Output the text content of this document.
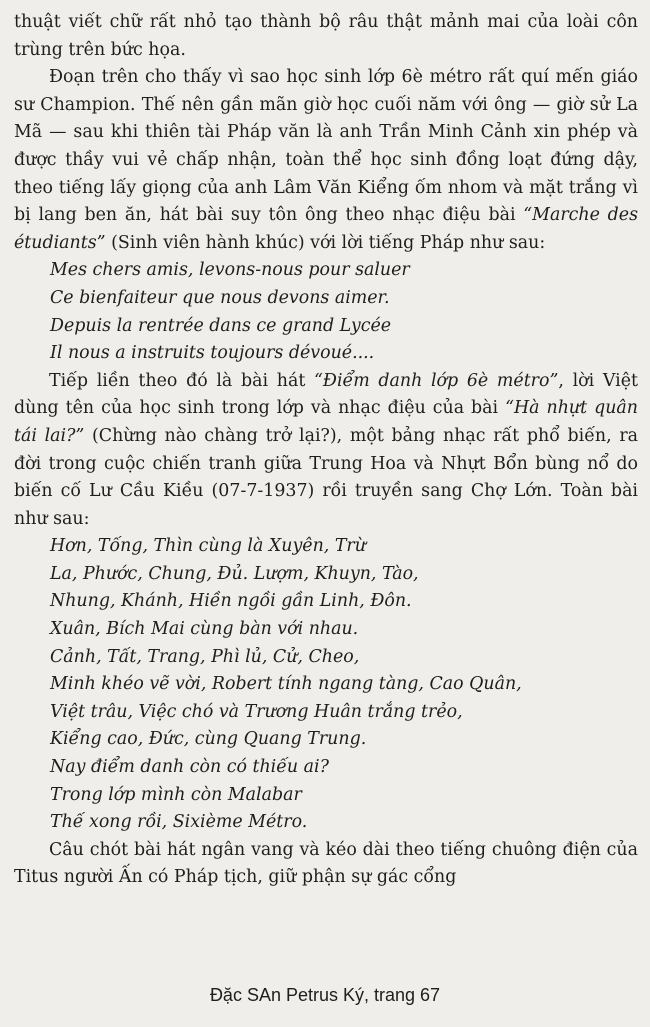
thuật viết chữ rất nhỏ tạo thành bộ râu thật mảnh mai của loài côn trùng trên bức họa.

Đoạn trên cho thấy vì sao học sinh lớp 6è métro rất quí mến giáo sư Champion. Thế nên gần mãn giờ học cuối năm với ông — giờ sử La Mã — sau khi thiên tài Pháp văn là anh Trần Minh Cảnh xin phép và được thầy vui vẻ chấp nhận, toàn thể học sinh đồng loạt đứng dậy, theo tiếng lấy giọng của anh Lâm Văn Kiểng ốm nhom và mặt trắng vì bị lang ben ăn, hát bài suy tôn ông theo nhạc điệu bài “Marche des étudiants” (Sinh viên hành khúc) với lời tiếng Pháp như sau:

Mes chers amis, levons-nous pour saluer
Ce bienfaiteur que nous devons aimer.
Depuis la rentrée dans ce grand Lycée
Il nous a instruits toujours dévoué....

Tiếp liền theo đó là bài hát “Điểm danh lớp 6è métro”, lời Việt dùng tên của học sinh trong lớp và nhạc điệu của bài “Hà nhựt quân tái lai?” (Chừng nào chàng trở lại?), một bảng nhạc rất phổ biến, ra đời trong cuộc chiến tranh giữa Trung Hoa và Nhựt Bổn bùng nổ do biến cố Lư Cầu Kiều (07-7-1937) rồi truyền sang Chợ Lớn. Toàn bài như sau:

Hơn, Tống, Thìn cùng là Xuyên, Trừ
La, Phước, Chung, Đủ. Lượm, Khuyn, Tào,
Nhung, Khánh, Hiền ngồi gần Linh, Đôn.
Xuân, Bích Mai cùng bàn với nhau.
Cảnh, Tất, Trang, Phì lủ, Cử, Cheo,
Minh khéo vẽ vời, Robert tính ngang tàng, Cao Quân,
Việt trâu, Việc chó và Trương Huân trắng trẻo,
Kiểng cao, Đức, cùng Quang Trung.
Nay điểm danh còn có thiếu ai?
Trong lớp mình còn Malabar
Thế xong rồi, Sixième Métro.

Câu chót bài hát ngân vang và kéo dài theo tiếng chuông điện của Titus người Ấn có Pháp tịch, giữ phận sự gác cổng

Đặc SAn Petrus Ký, trang 67
